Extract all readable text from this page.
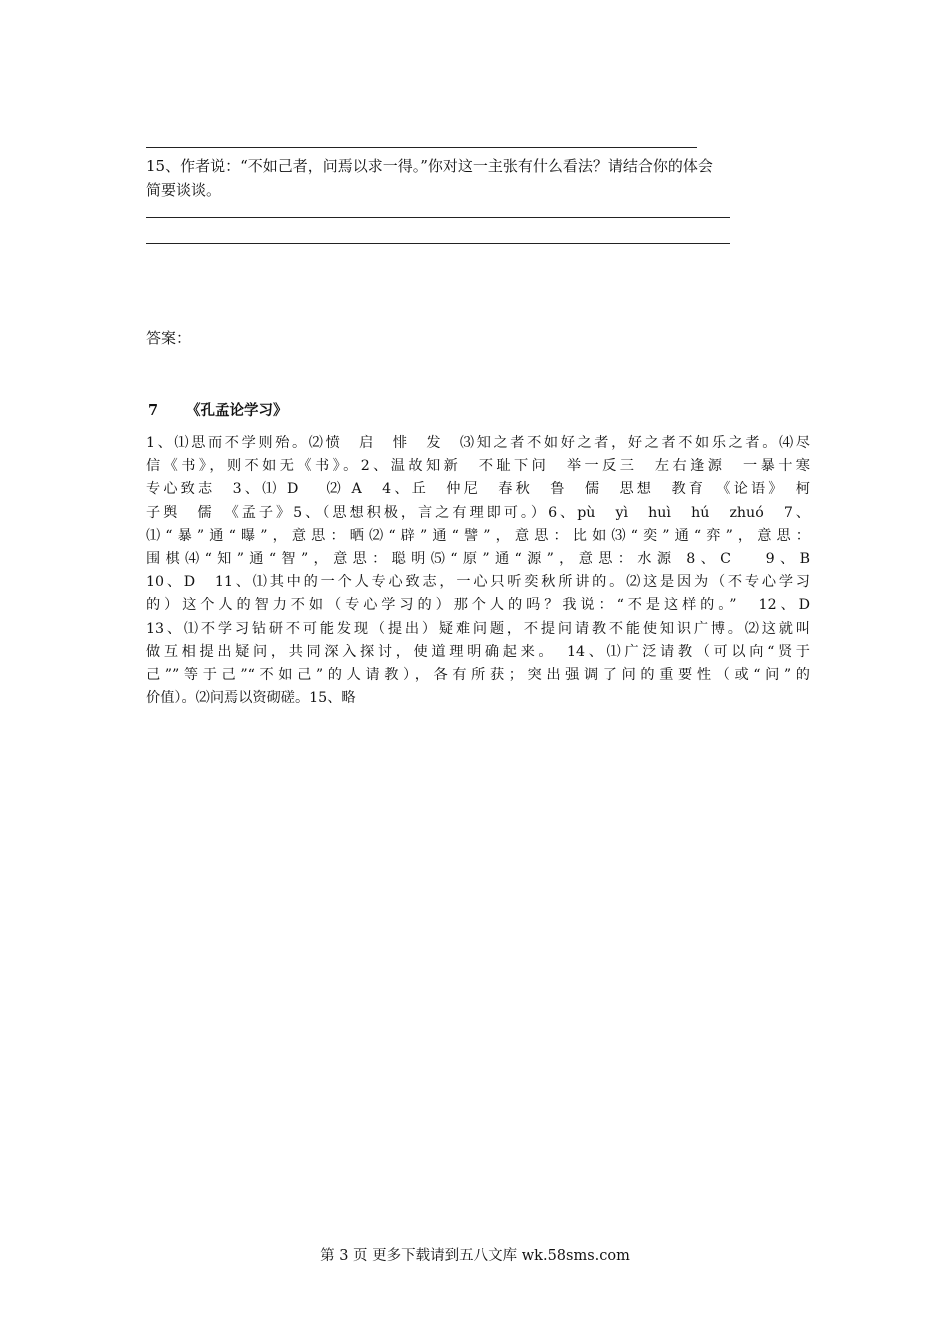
15、作者说：“不如己者，问焉以求一得。”你对这一主张有什么看法？请结合你的体会
简要谈谈。
答案：
7 《孔孟论学习》
1、⑴思而不学则殆。⑵愤　启　悱　发　⑶知之者不如好之者，好之者不如乐之者。⑷尽
信《书》，则不如无《书》。2、温故知新　不耻下问　举一反三　左右逢源　一暴十寒
专心致志　3、⑴ D　 ⑵ A　4、丘　仲尼　春秋　鲁　儒　思想　教育　《论语》　柯
子舆　儒　《孟子》5、（思想积极，言之有理即可。）6、pù　yì　huì　hú　zhuó　7、
⑴“暴”通“曝”，意思：晒⑵“辟”通“譬”，意思：比如⑶“奕”通“弈”，意思：
围棋⑷“知”通“智”，意思：聪明⑸“原”通“源”，意思：水源 8、C　 9、B
10、D　11、⑴其中的一个人专心致志，一心只听奕秋所讲的。⑵这是因为（不专心学习
的）这个人的智力不如（专心学习的）那个人的吗？我说：“不是这样的。”　12、D
13、⑴不学习钻研不可能发现（提出）疑难问题，不提问请教不能使知识广博。⑵这就叫
做互相提出疑问，共同深入探讨，使道理明确起来。　14、⑴广泛请教（可以向“贤于
己””等于己”“不如己”的人请教），各有所获；突出强调了问的重要性（或“问”的
价值）。⑵问焉以资砌磋。15、略
第 3 页 更多下载请到五八文库 wk.58sms.com
